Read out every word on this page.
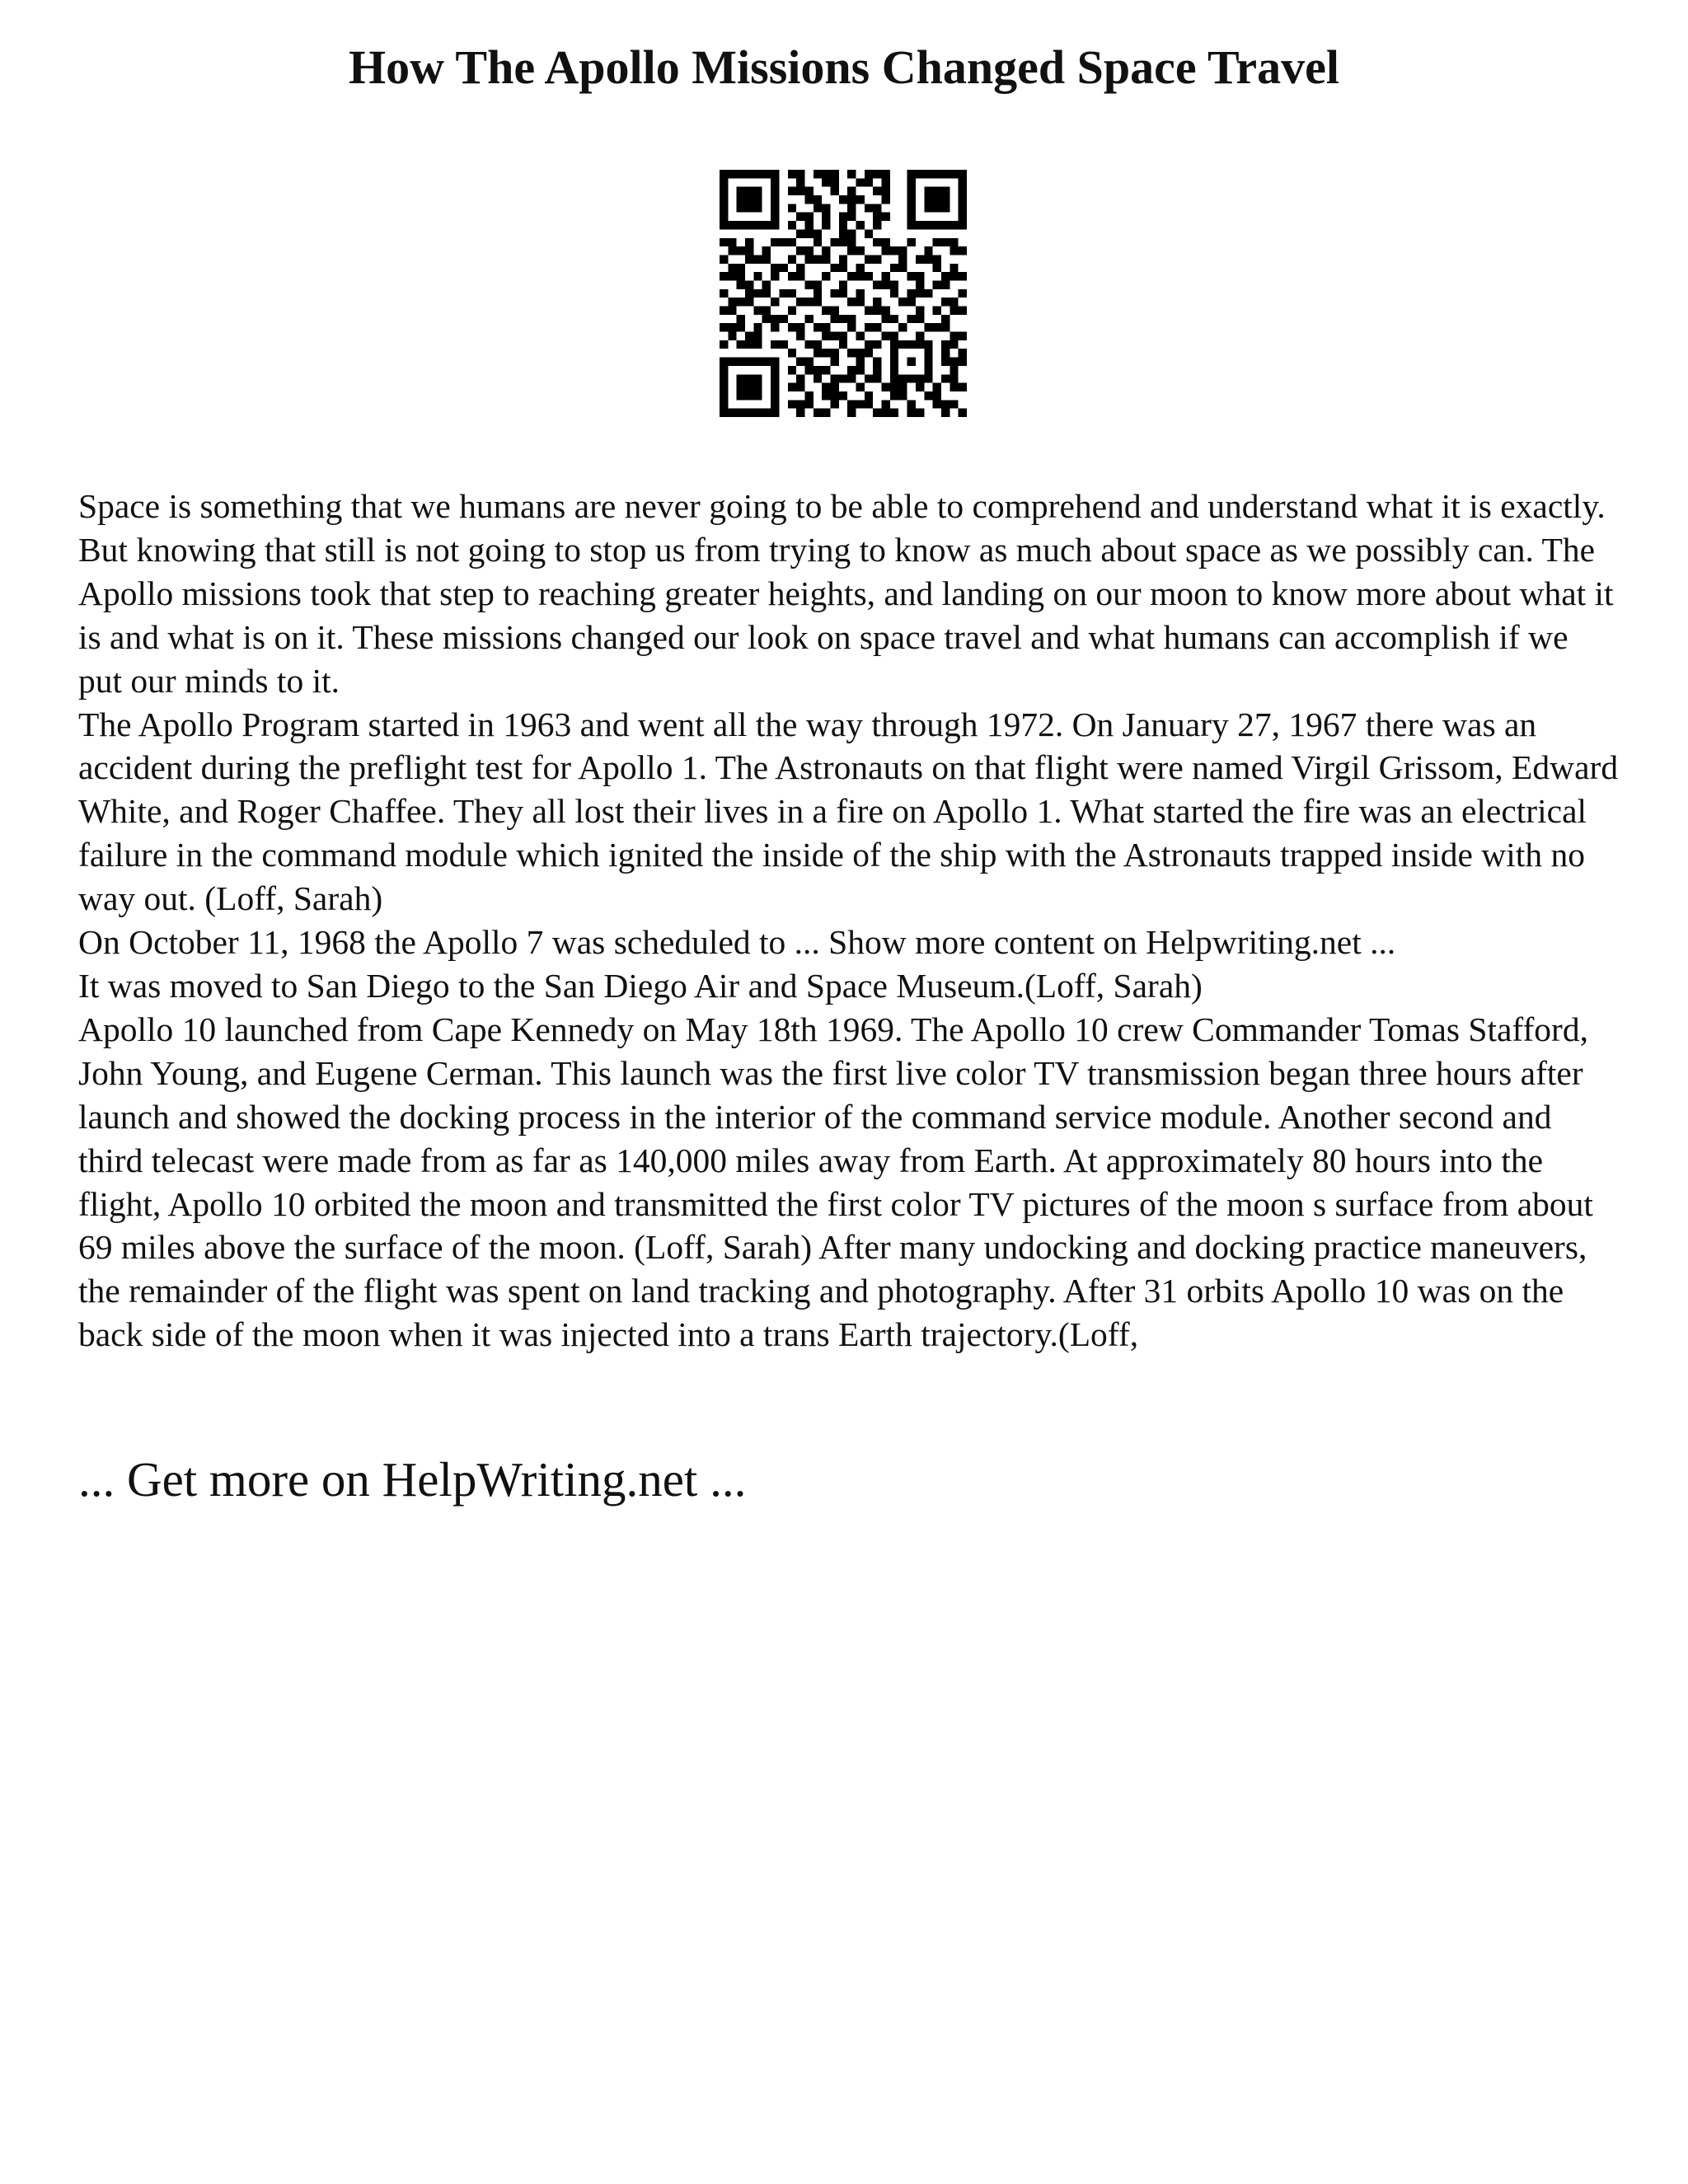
How The Apollo Missions Changed Space Travel

Space is something that we humans are never going to be able to comprehend and understand what it is exactly. But knowing that still is not going to stop us from trying to know as much about space as we possibly can. The Apollo missions took that step to reaching greater heights, and landing on our moon to know more about what it is and what is on it. These missions changed our look on space travel and what humans can accomplish if we put our minds to it.

The Apollo Program started in 1963 and went all the way through 1972. On January 27, 1967 there was an accident during the preflight test for Apollo 1. The Astronauts on that flight were named Virgil Grissom, Edward White, and Roger Chaffee. They all lost their lives in a fire on Apollo 1. What started the fire was an electrical failure in the command module which ignited the inside of the ship with the Astronauts trapped inside with no way out. (Loff, Sarah)

On October 11, 1968 the Apollo 7 was scheduled to ... Show more content on Helpwriting.net ...

It was moved to San Diego to the San Diego Air and Space Museum.(Loff, Sarah)

Apollo 10 launched from Cape Kennedy on May 18th 1969. The Apollo 10 crew Commander Tomas Stafford, John Young, and Eugene Cerman. This launch was the first live color TV transmission began three hours after launch and showed the docking process in the interior of the command service module. Another second and third telecast were made from as far as 140,000 miles away from Earth. At approximately 80 hours into the flight, Apollo 10 orbited the moon and transmitted the first color TV pictures of the moon s surface from about 69 miles above the surface of the moon. (Loff, Sarah) After many undocking and docking practice maneuvers, the remainder of the flight was spent on land tracking and photography. After 31 orbits Apollo 10 was on the back side of the moon when it was injected into a trans Earth trajectory.(Loff,

... Get more on HelpWriting.net ...
